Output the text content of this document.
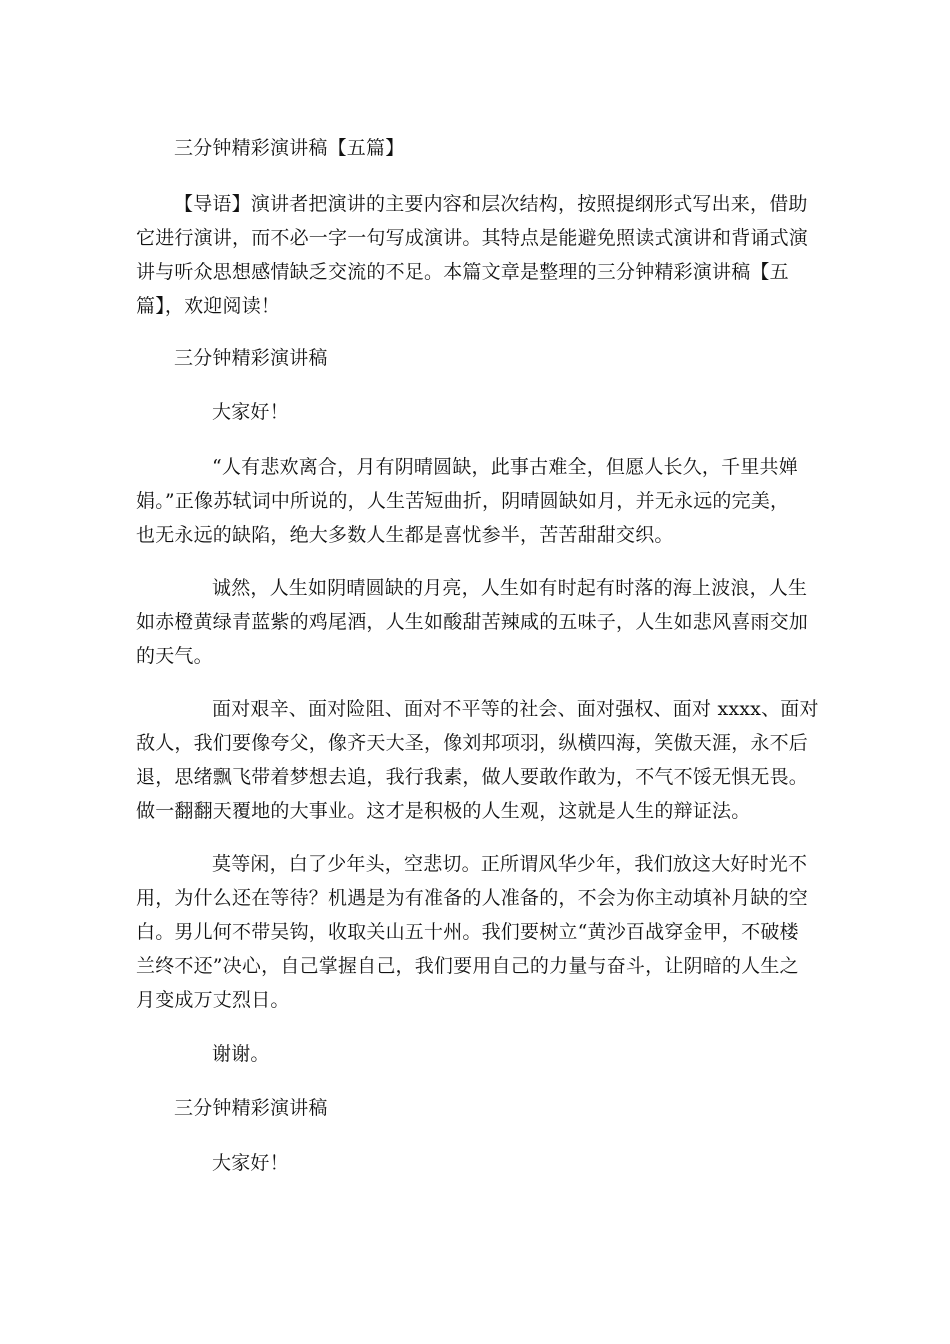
三分钟精彩演讲稿【五篇】
【导语】演讲者把演讲的主要内容和层次结构，按照提纲形式写出来，借助
它进行演讲，而不必一字一句写成演讲。其特点是能避免照读式演讲和背诵式演
讲与听众思想感情缺乏交流的不足。本篇文章是整理的三分钟精彩演讲稿【五
篇】，欢迎阅读！
三分钟精彩演讲稿
大家好！
“人有悲欢离合，月有阴晴圆缺，此事古难全，但愿人长久，千里共婵
娟。”正像苏轼词中所说的，人生苦短曲折，阴晴圆缺如月，并无永远的完美，
也无永远的缺陷，绝大多数人生都是喜忧参半，苦苦甜甜交织。
诚然，人生如阴晴圆缺的月亮，人生如有时起有时落的海上波浪，人生
如赤橙黄绿青蓝紫的鸡尾酒，人生如酸甜苦辣咸的五味子，人生如悲风喜雨交加
的天气。
面对艰辛、面对险阻、面对不平等的社会、面对强权、面对 xxxx、面对
敌人，我们要像夸父，像齐天大圣，像刘邦项羽，纵横四海，笑傲天涯，永不后
退，思绪飘飞带着梦想去追，我行我素，做人要敢作敢为，不气不馁无惧无畏。
做一翻翻天覆地的大事业。这才是积极的人生观，这就是人生的辩证法。
莫等闲，白了少年头，空悲切。正所谓风华少年，我们放这大好时光不
用，为什么还在等待？机遇是为有准备的人准备的，不会为你主动填补月缺的空
白。男儿何不带吴钩，收取关山五十州。我们要树立“黄沙百战穿金甲，不破楼
兰终不还”决心，自己掌握自己，我们要用自己的力量与奋斗，让阴暗的人生之
月变成万丈烈日。
谢谢。
三分钟精彩演讲稿
大家好！
